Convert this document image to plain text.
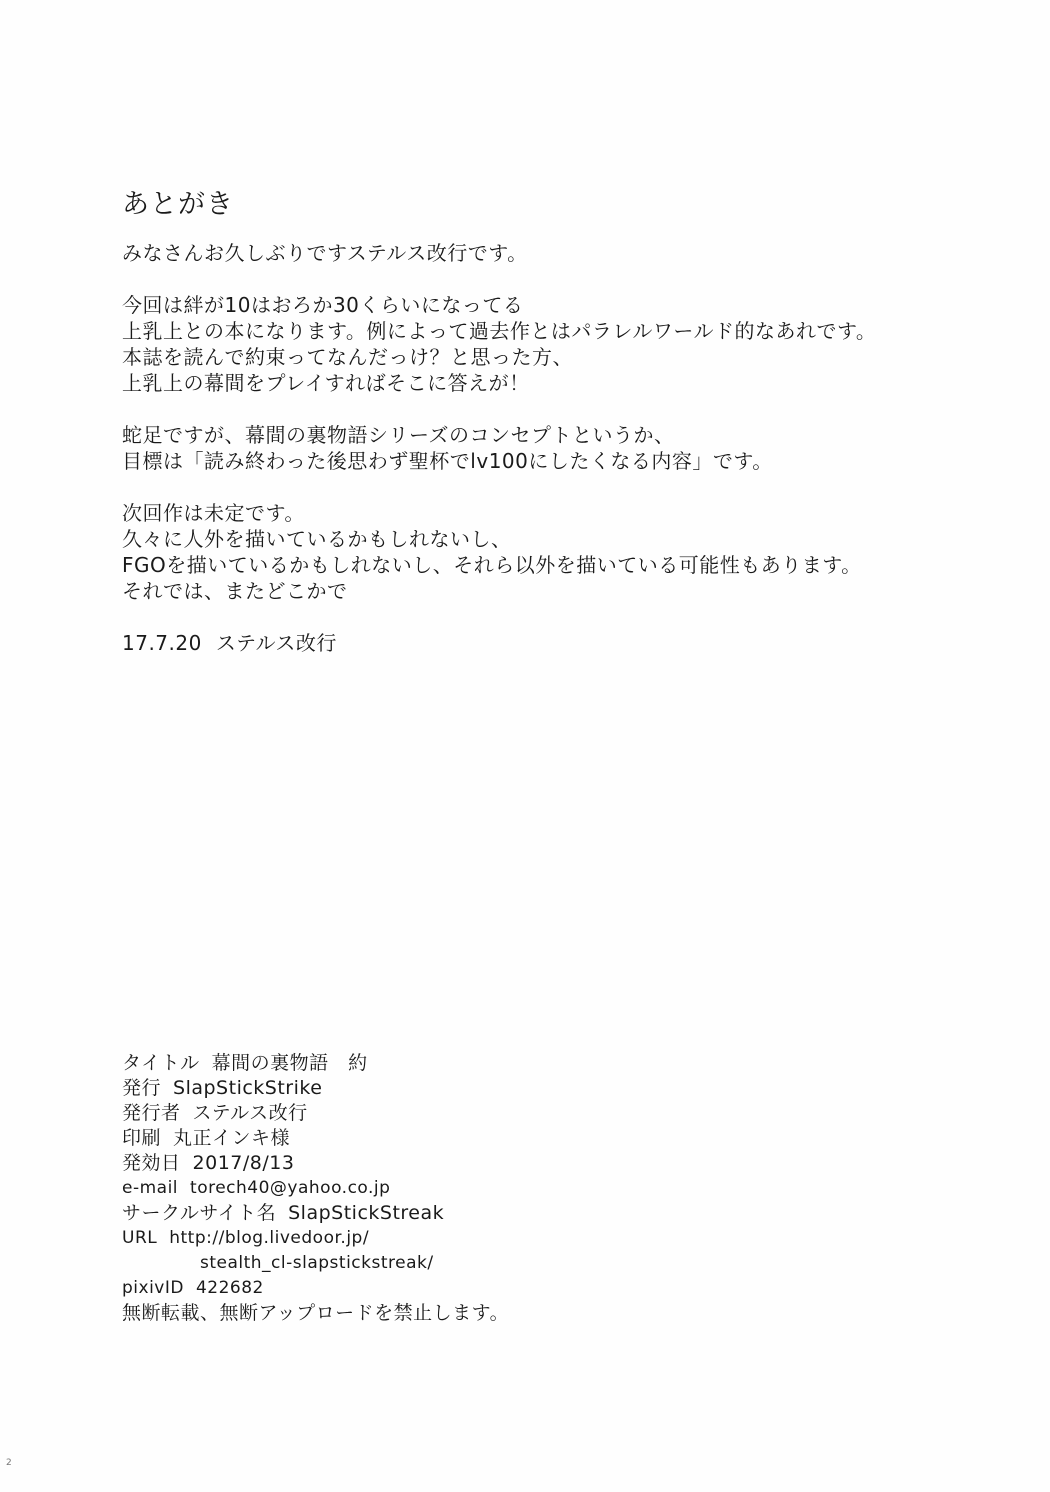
あとがき
みなさんお久しぶりですステルス改行です。
今回は絆が10はおろか30くらいになってる
上乳上との本になります。例によって過去作とはパラレルワールド的なあれです。
本誌を読んで約束ってなんだっけ？と思った方、
上乳上の幕間をプレイすればそこに答えが！
蛇足ですが、幕間の裏物語シリーズのコンセプトというか、
目標は「読み終わった後思わず聖杯でlv100にしたくなる内容」です。
次回作は未定です。
久々に人外を描いているかもしれないし、
FGOを描いているかもしれないし、それら以外を描いている可能性もあります。
それでは、またどこかで
17.7.20 ステルス改行
タイトル 幕間の裏物語　約
発行 SlapStickStrike
発行者 ステルス改行
印刷 丸正インキ様
発効日 2017/8/13
e-mail torech40@yahoo.co.jp
サークルサイト名 SlapStickStreak
URL http://blog.livedoor.jp/
stealth_cl-slapstickstreak/
pixivID 422682
無断転載、無断アップロードを禁止します。
2
